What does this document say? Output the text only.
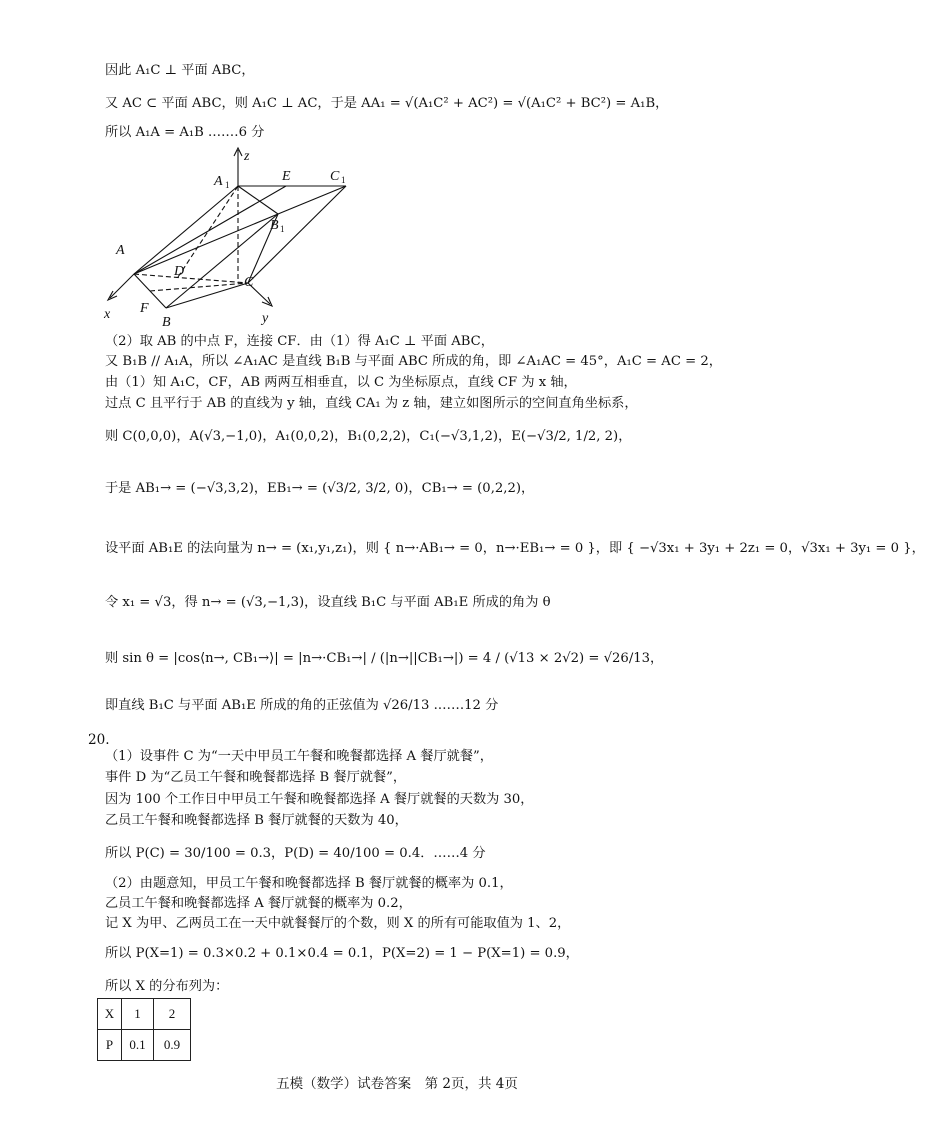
因此 A₁C ⊥ 平面 ABC，
又 AC ⊂ 平面 ABC，则 A₁C ⊥ AC，于是 AA₁ = √(A₁C² + AC²) = √(A₁C² + BC²) = A₁B，
所以 A₁A = A₁B .……6 分
z
A 1
E	C 1
B 1
A
D
C
x F
B	y
（2）取 AB 的中点 F，连接 CF．由（1）得 A₁C ⊥ 平面 ABC，
又 B₁B // A₁A，所以 ∠A₁AC 是直线 B₁B 与平面 ABC 所成的角，即 ∠A₁AC = 45°，A₁C = AC = 2，
由（1）知 A₁C，CF，AB 两两互相垂直，以 C 为坐标原点，直线 CF 为 x 轴，
过点 C 且平行于 AB 的直线为 y 轴，直线 CA₁ 为 z 轴，建立如图所示的空间直角坐标系，
则 C(0,0,0)，A(√3,−1,0)，A₁(0,0,2)，B₁(0,2,2)，C₁(−√3,1,2)，E(−√3/2, 1/2, 2)，
于是 AB₁→ = (−√3,3,2)，EB₁→ = (√3/2, 3/2, 0)，CB₁→ = (0,2,2)，
设平面 AB₁E 的法向量为 n→ = (x₁,y₁,z₁)，则 { n→·AB₁→ = 0，n→·EB₁→ = 0 }，即 { −√3x₁ + 3y₁ + 2z₁ = 0，√3x₁ + 3y₁ = 0 }，
令 x₁ = √3，得 n→ = (√3,−1,3)，设直线 B₁C 与平面 AB₁E 所成的角为 θ
则 sin θ = |cos⟨n→, CB₁→⟩| = |n→·CB₁→| / (|n→||CB₁→|) = 4 / (√13 × 2√2) = √26/13，
即直线 B₁C 与平面 AB₁E 所成的角的正弦值为 √26/13 .……12 分
20.
（1）设事件 C 为“一天中甲员工午餐和晚餐都选择 A 餐厅就餐”，
事件 D 为“乙员工午餐和晚餐都选择 B 餐厅就餐”，
因为 100 个工作日中甲员工午餐和晚餐都选择 A 餐厅就餐的天数为 30，
乙员工午餐和晚餐都选择 B 餐厅就餐的天数为 40，
所以 P(C) = 30/100 = 0.3，P(D) = 40/100 = 0.4．……4 分
（2）由题意知，甲员工午餐和晚餐都选择 B 餐厅就餐的概率为 0.1，
乙员工午餐和晚餐都选择 A 餐厅就餐的概率为 0.2，
记 X 为甲、乙两员工在一天中就餐餐厅的个数，则 X 的所有可能取值为 1、2，
所以 P(X=1) = 0.3×0.2 + 0.1×0.4 = 0.1，P(X=2) = 1 − P(X=1) = 0.9，
所以 X 的分布列为：
X	1	2
P	0.1	0.9
五模（数学）试卷答案　第 2页，共 4页
